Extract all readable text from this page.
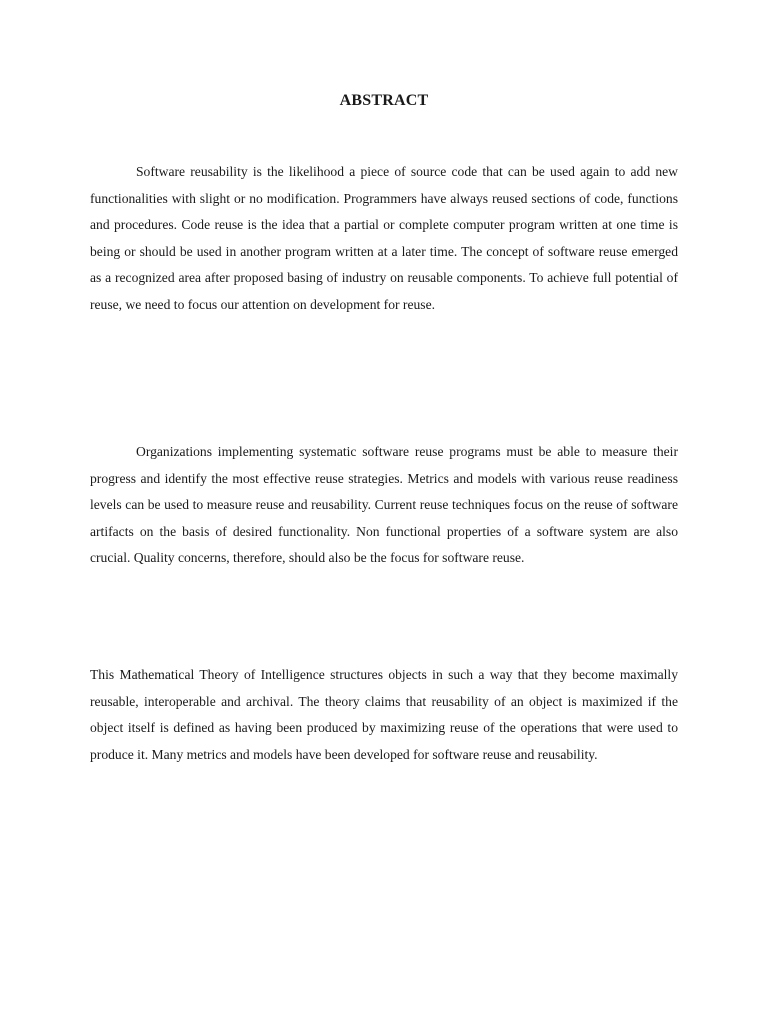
ABSTRACT

Software reusability is the likelihood a piece of source code that can be used again to add new functionalities with slight or no modification. Programmers have always reused sections of code, functions and procedures. Code reuse is the idea that a partial or complete computer program written at one time is being or should be used in another program written at a later time. The concept of software reuse emerged as a recognized area after proposed basing of industry on reusable components. To achieve full potential of reuse, we need to focus our attention on development for reuse.

Organizations implementing systematic software reuse programs must be able to measure their progress and identify the most effective reuse strategies. Metrics and models with various reuse readiness levels can be used to measure reuse and reusability. Current reuse techniques focus on the reuse of software artifacts on the basis of desired functionality. Non functional properties of a software system are also crucial. Quality concerns, therefore, should also be the focus for software reuse.

This Mathematical Theory of Intelligence structures objects in such a way that they become maximally reusable, interoperable and archival. The theory claims that reusability of an object is maximized if the object itself is defined as having been produced by maximizing reuse of the operations that were used to produce it. Many metrics and models have been developed for software reuse and reusability.
